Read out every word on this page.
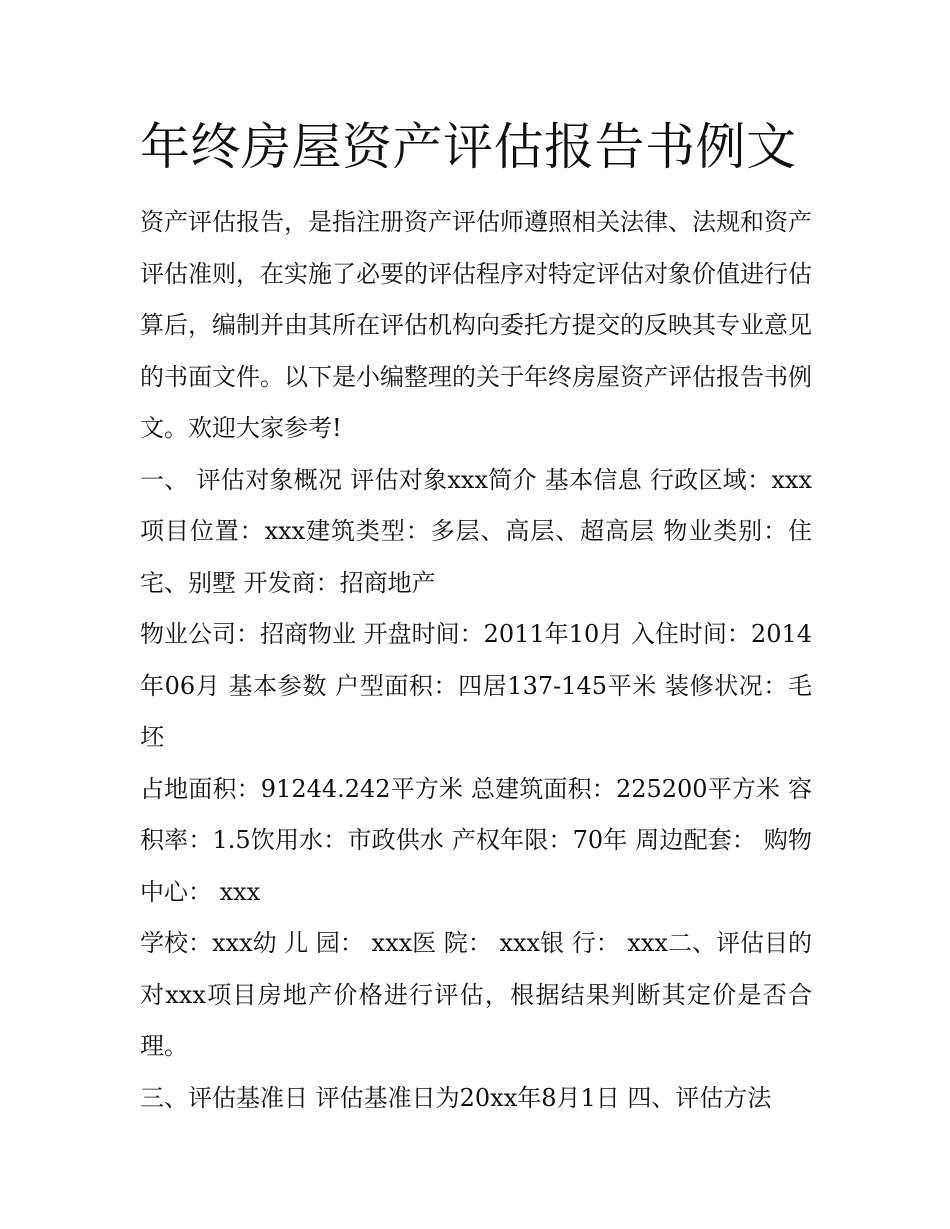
年终房屋资产评估报告书例文

资产评估报告，是指注册资产评估师遵照相关法律、法规和资产评估准则，在实施了必要的评估程序对特定评估对象价值进行估算后，编制并由其所在评估机构向委托方提交的反映其专业意见的书面文件。以下是小编整理的关于年终房屋资产评估报告书例文。欢迎大家参考!

一、 评估对象概况 评估对象xxx简介 基本信息 行政区域：xxx项目位置：xxx建筑类型：多层、高层、超高层 物业类别：住宅、别墅 开发商：招商地产

物业公司：招商物业 开盘时间：2011年10月 入住时间：2014年06月 基本参数 户型面积：四居137-145平米 装修状况：毛坯

占地面积：91244.242平方米 总建筑面积：225200平方米 容积率：1.5饮用水：市政供水 产权年限：70年 周边配套： 购物中心： xxx

学校：xxx幼 儿 园： xxx医 院： xxx银 行： xxx二、评估目的 对xxx项目房地产价格进行评估，根据结果判断其定价是否合理。

三、评估基准日 评估基准日为20xx年8月1日 四、评估方法
